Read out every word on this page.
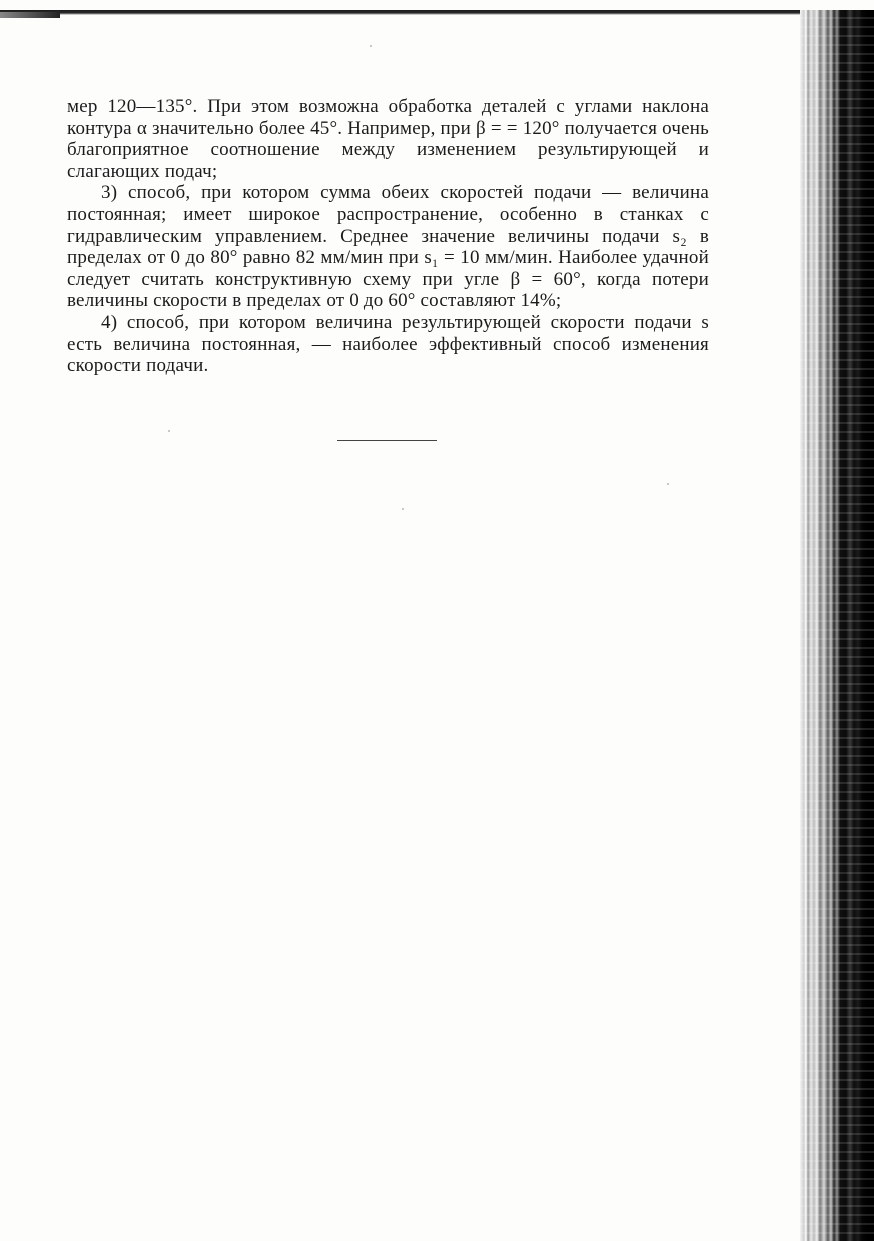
мер 120—135°. При этом возможна обработка деталей с углами наклона контура α значительно более 45°. Например, при β = = 120° получается очень благоприятное соотношение между изменением результирующей и слагающих подач;

3) способ, при котором сумма обеих скоростей подачи — величина постоянная; имеет широкое распространение, особенно в станках с гидравлическим управлением. Среднее значение величины подачи s₂ в пределах от 0 до 80° равно 82 мм/мин при s₁ = 10 мм/мин. Наиболее удачной следует считать конструктивную схему при угле β = 60°, когда потери величины скорости в пределах от 0 до 60° составляют 14%;

4) способ, при котором величина результирующей скорости подачи s есть величина постоянная, — наиболее эффективный способ изменения скорости подачи.
